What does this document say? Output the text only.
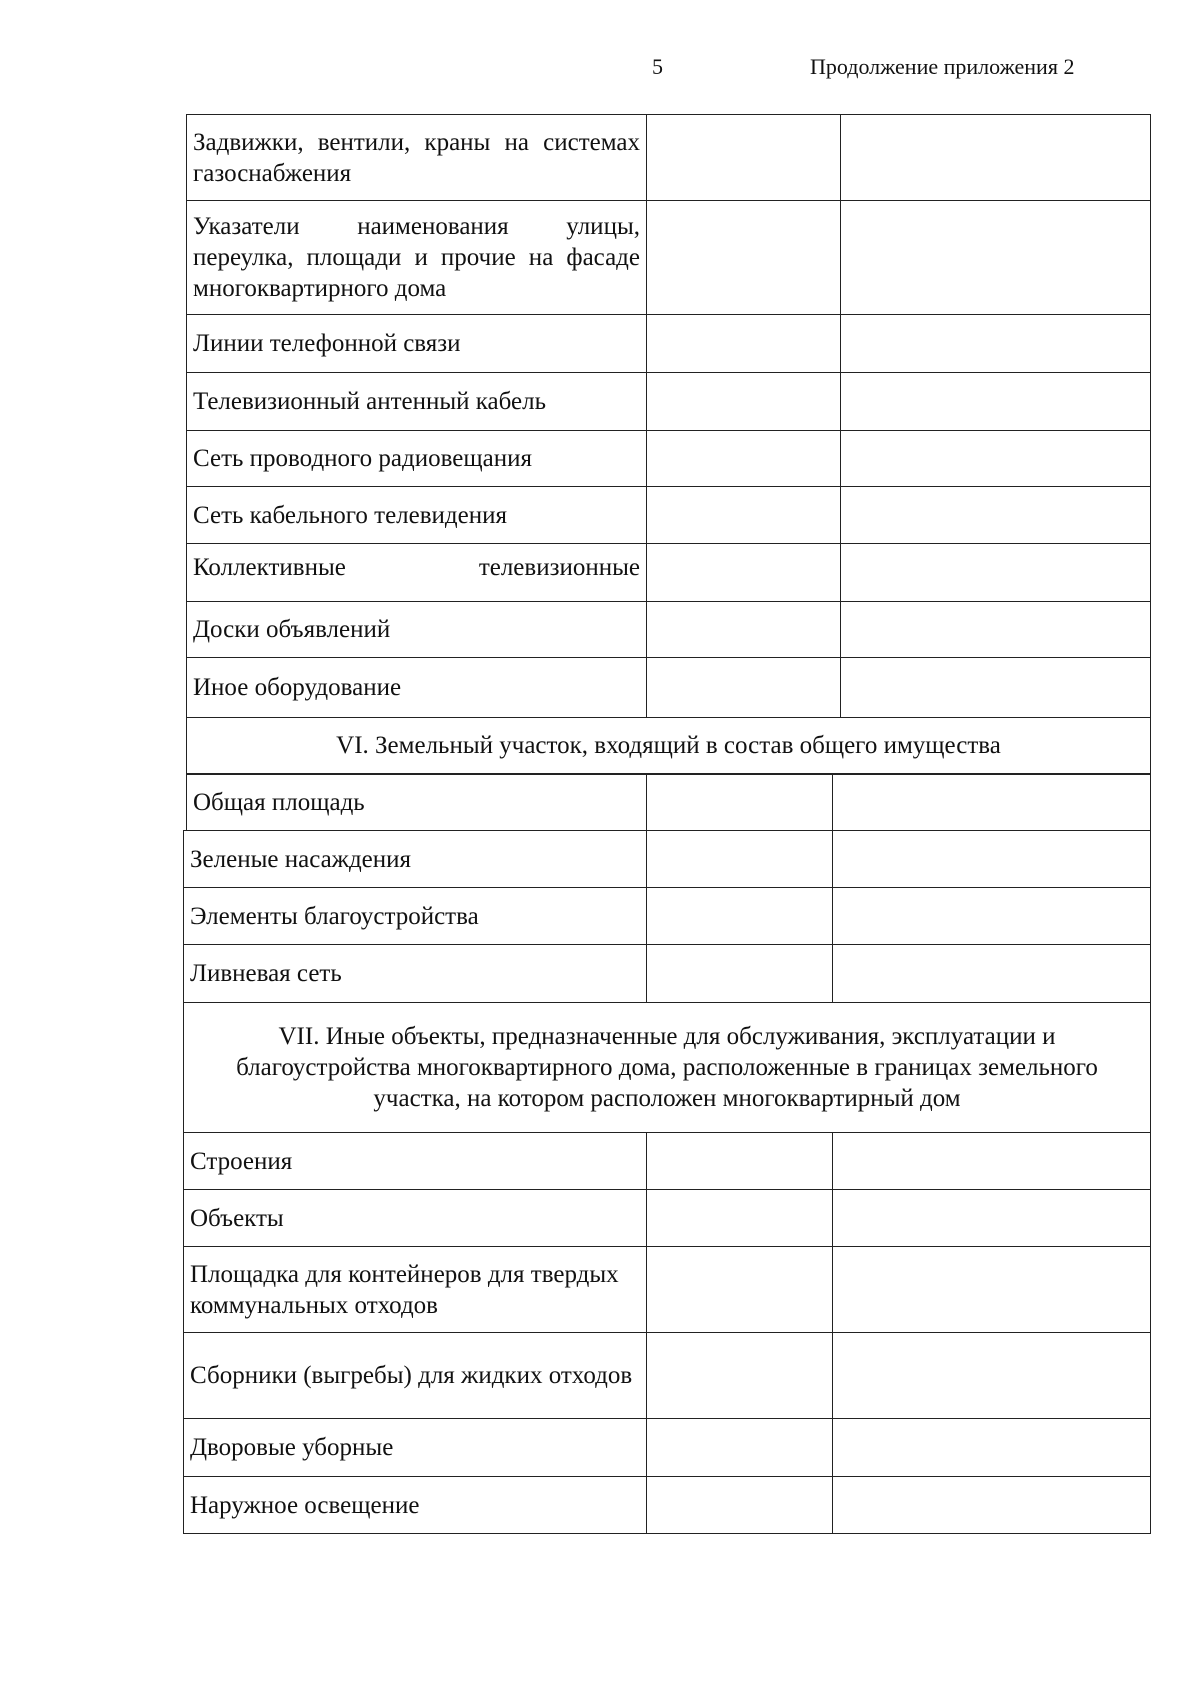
5	Продолжение приложения 2
Задвижки, вентили, краны на системах газоснабжения		
Указатели наименования улицы, переулка, площади и прочие на фасаде многоквартирного дома		
Линии телефонной связи		
Телевизионный антенный кабель		
Сеть проводного радиовещания		
Сеть кабельного телевидения		

Коллективные телевизионные		

Доски объявлений		
Иное оборудование		
VI. Земельный участок, входящий в состав общего имущества		
Общая площадь		
Зеленые насаждения		
Элементы благоустройства		
Ливневая сеть		
VII. Иные объекты, предназначенные для обслуживания, эксплуатации и благоустройства многоквартирного дома, расположенные в границах земельного участка, на котором расположен многоквартирный дом		
Строения		
Объекты		
Площадка для контейнеров для твердых коммунальных отходов		
Сборники (выгребы) для жидких отходов		
Дворовые уборные		
Наружное освещение		
